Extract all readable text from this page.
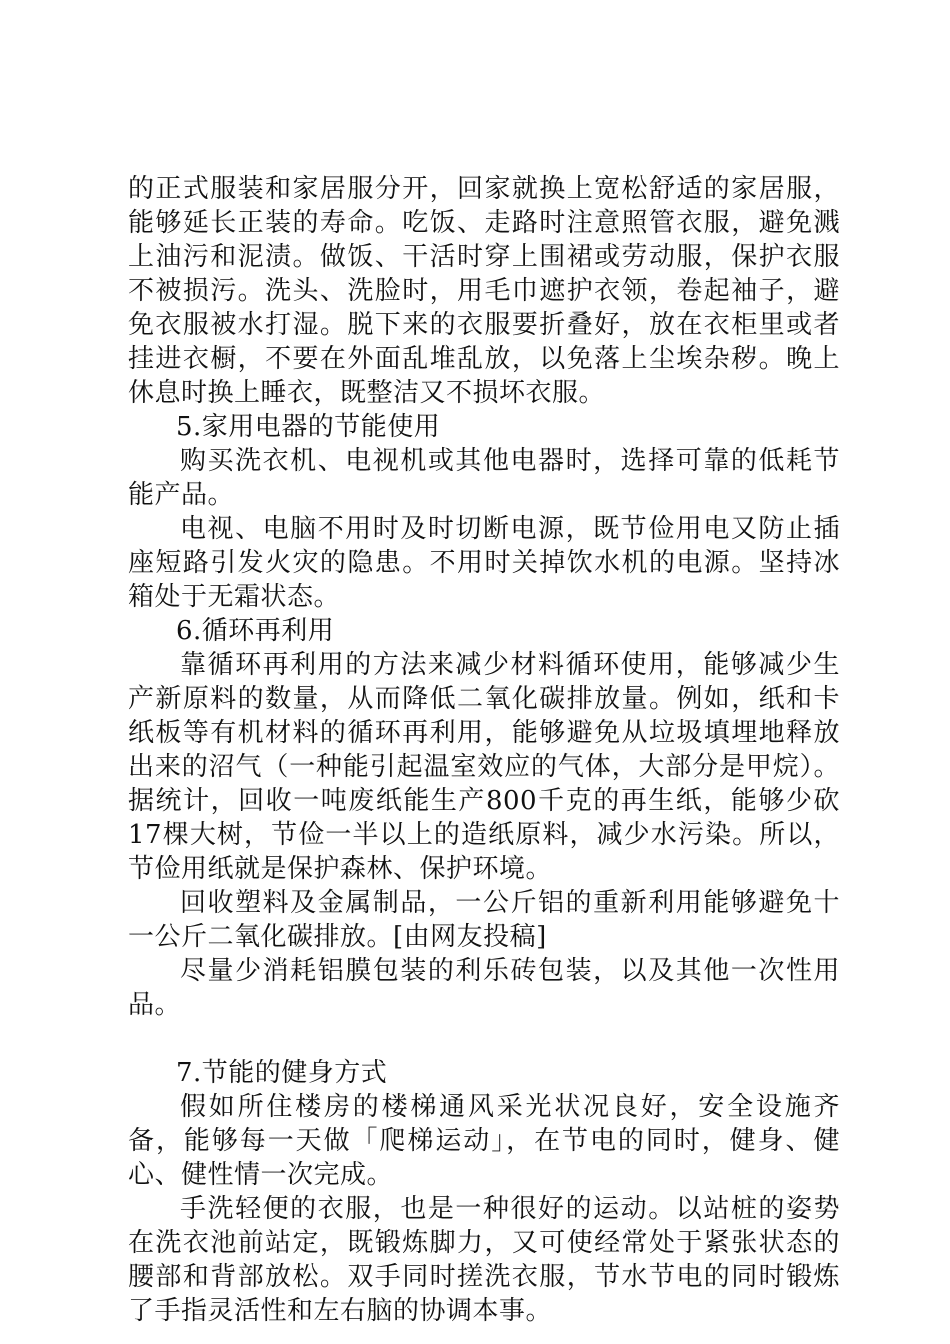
的正式服装和家居服分开，回家就换上宽松舒适的家居服，能够延长正装的寿命。吃饭、走路时注意照管衣服，避免溅上油污和泥渍。做饭、干活时穿上围裙或劳动服，保护衣服不被损污。洗头、洗脸时，用毛巾遮护衣领，卷起袖子，避免衣服被水打湿。脱下来的衣服要折叠好，放在衣柜里或者挂进衣橱，不要在外面乱堆乱放，以免落上尘埃杂秽。晚上休息时换上睡衣，既整洁又不损坏衣服。

5.家用电器的节能使用

购买洗衣机、电视机或其他电器时，选择可靠的低耗节能产品。

电视、电脑不用时及时切断电源，既节俭用电又防止插座短路引发火灾的隐患。不用时关掉饮水机的电源。坚持冰箱处于无霜状态。

6.循环再利用

靠循环再利用的方法来减少材料循环使用，能够减少生产新原料的数量，从而降低二氧化碳排放量。例如，纸和卡纸板等有机材料的循环再利用，能够避免从垃圾填埋地释放出来的沼气（一种能引起温室效应的气体，大部分是甲烷）。据统计，回收一吨废纸能生产800千克的再生纸，能够少砍17棵大树，节俭一半以上的造纸原料，减少水污染。所以，节俭用纸就是保护森林、保护环境。

回收塑料及金属制品，一公斤铝的重新利用能够避免十一公斤二氧化碳排放。[由网友投稿]

尽量少消耗铝膜包装的利乐砖包装，以及其他一次性用品。

7.节能的健身方式

假如所住楼房的楼梯通风采光状况良好，安全设施齐备，能够每一天做「爬梯运动」，在节电的同时，健身、健心、健性情一次完成。

手洗轻便的衣服，也是一种很好的运动。以站桩的姿势在洗衣池前站定，既锻炼脚力，又可使经常处于紧张状态的腰部和背部放松。双手同时搓洗衣服，节水节电的同时锻炼了手指灵活性和左右脑的协调本事。
